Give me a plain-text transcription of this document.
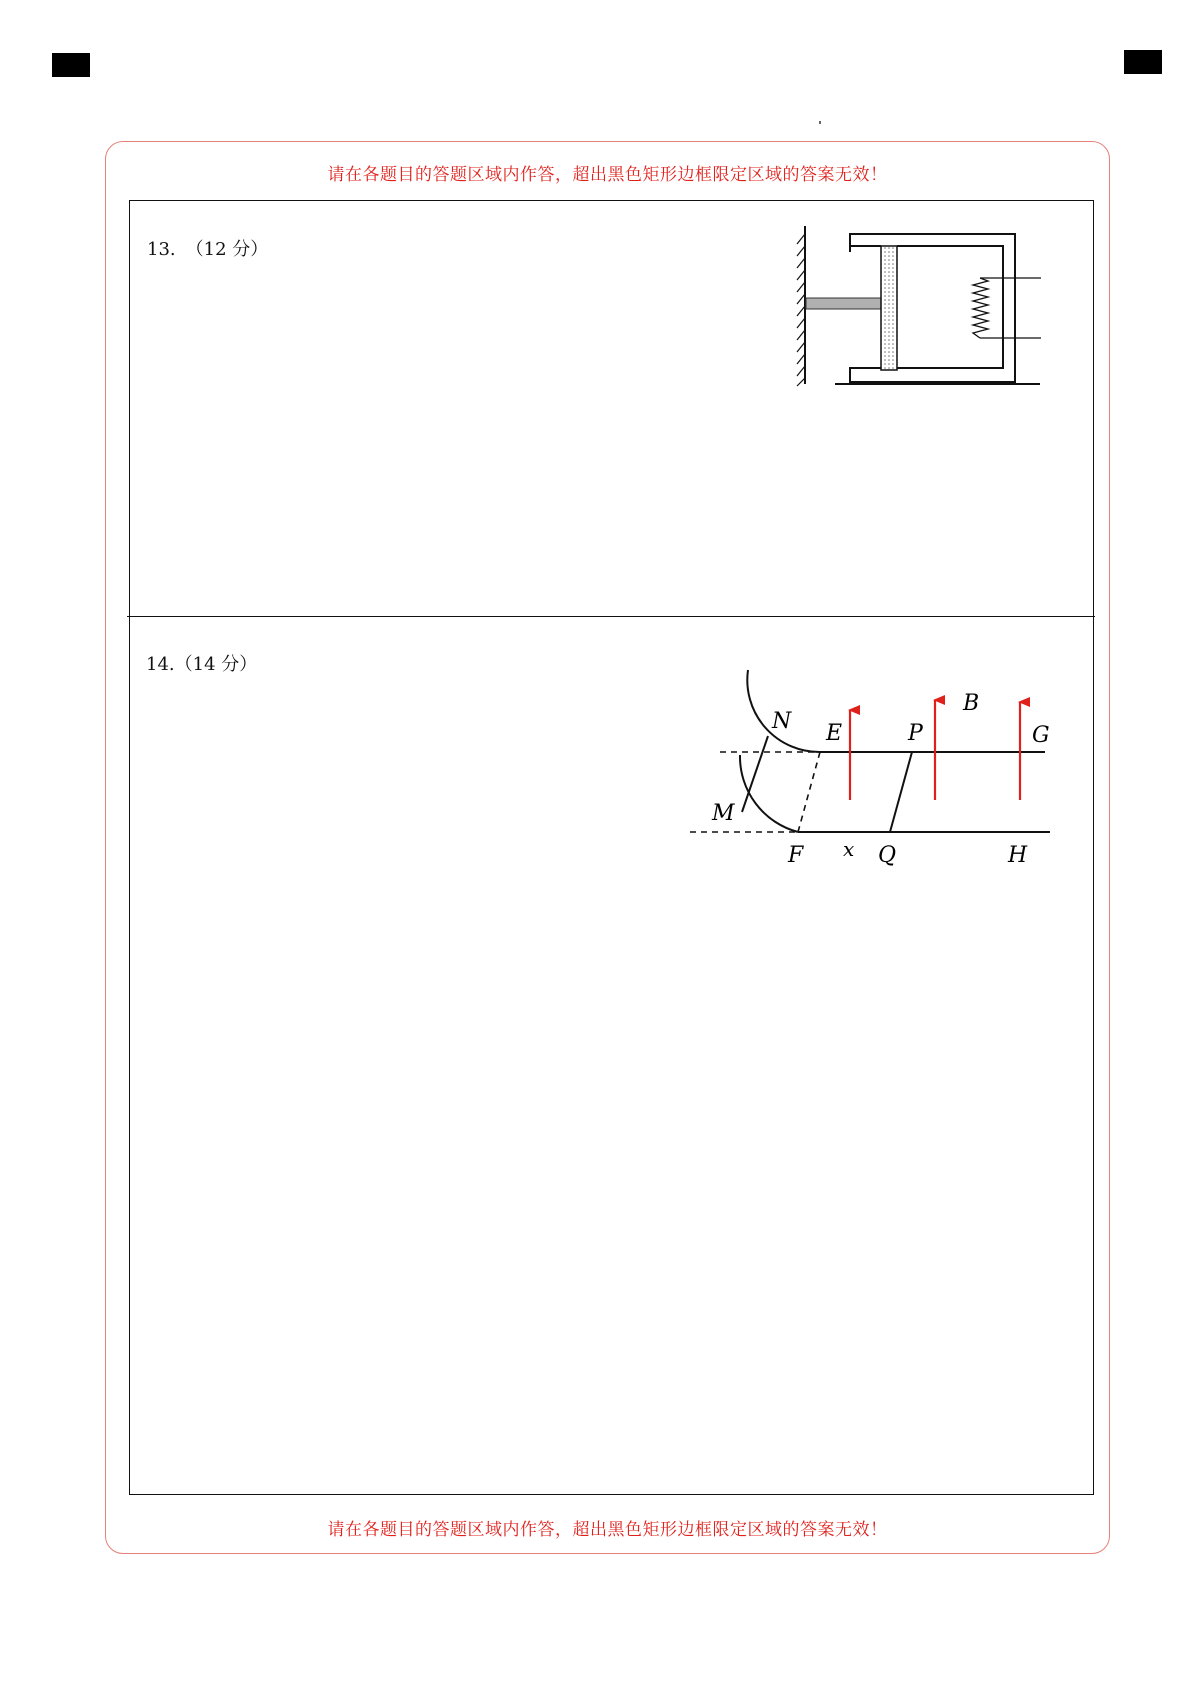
请在各题目的答题区域内作答，超出黑色矩形边框限定区域的答案无效！
13. （12 分）
14.（14 分）
N E	P
B
G
M
F x Q	H
请在各题目的答题区域内作答，超出黑色矩形边框限定区域的答案无效！
